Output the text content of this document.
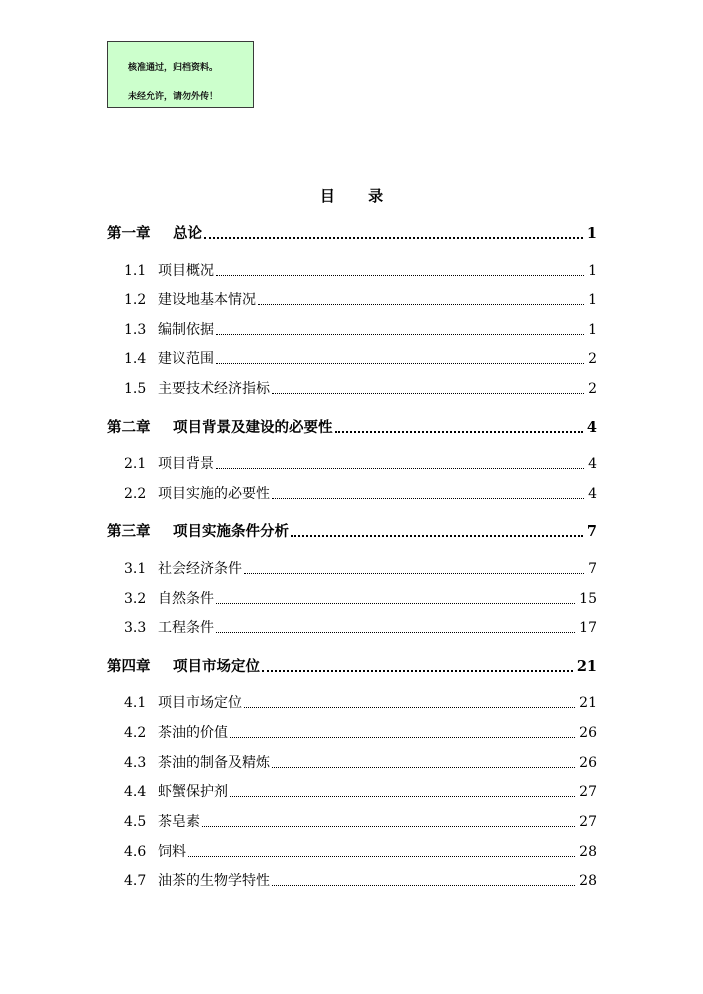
核准通过，归档资料。
未经允许，请勿外传！
目 录
第一章	总论	1
1.1 项目概况	1
1.2 建设地基本情况	1
1.3 编制依据	1
1.4 建议范围	2
1.5 主要技术经济指标	2
第二章	项目背景及建设的必要性	4
2.1 项目背景	4
2.2 项目实施的必要性	4
第三章	项目实施条件分析	7
3.1 社会经济条件	7
3.2 自然条件	15
3.3 工程条件	17
第四章	项目市场定位	21
4.1 项目市场定位	21
4.2 茶油的价值	26
4.3 茶油的制备及精炼	26
4.4 虾蟹保护剂	27
4.5 茶皂素	27
4.6 饲料	28
4.7 油茶的生物学特性	28
